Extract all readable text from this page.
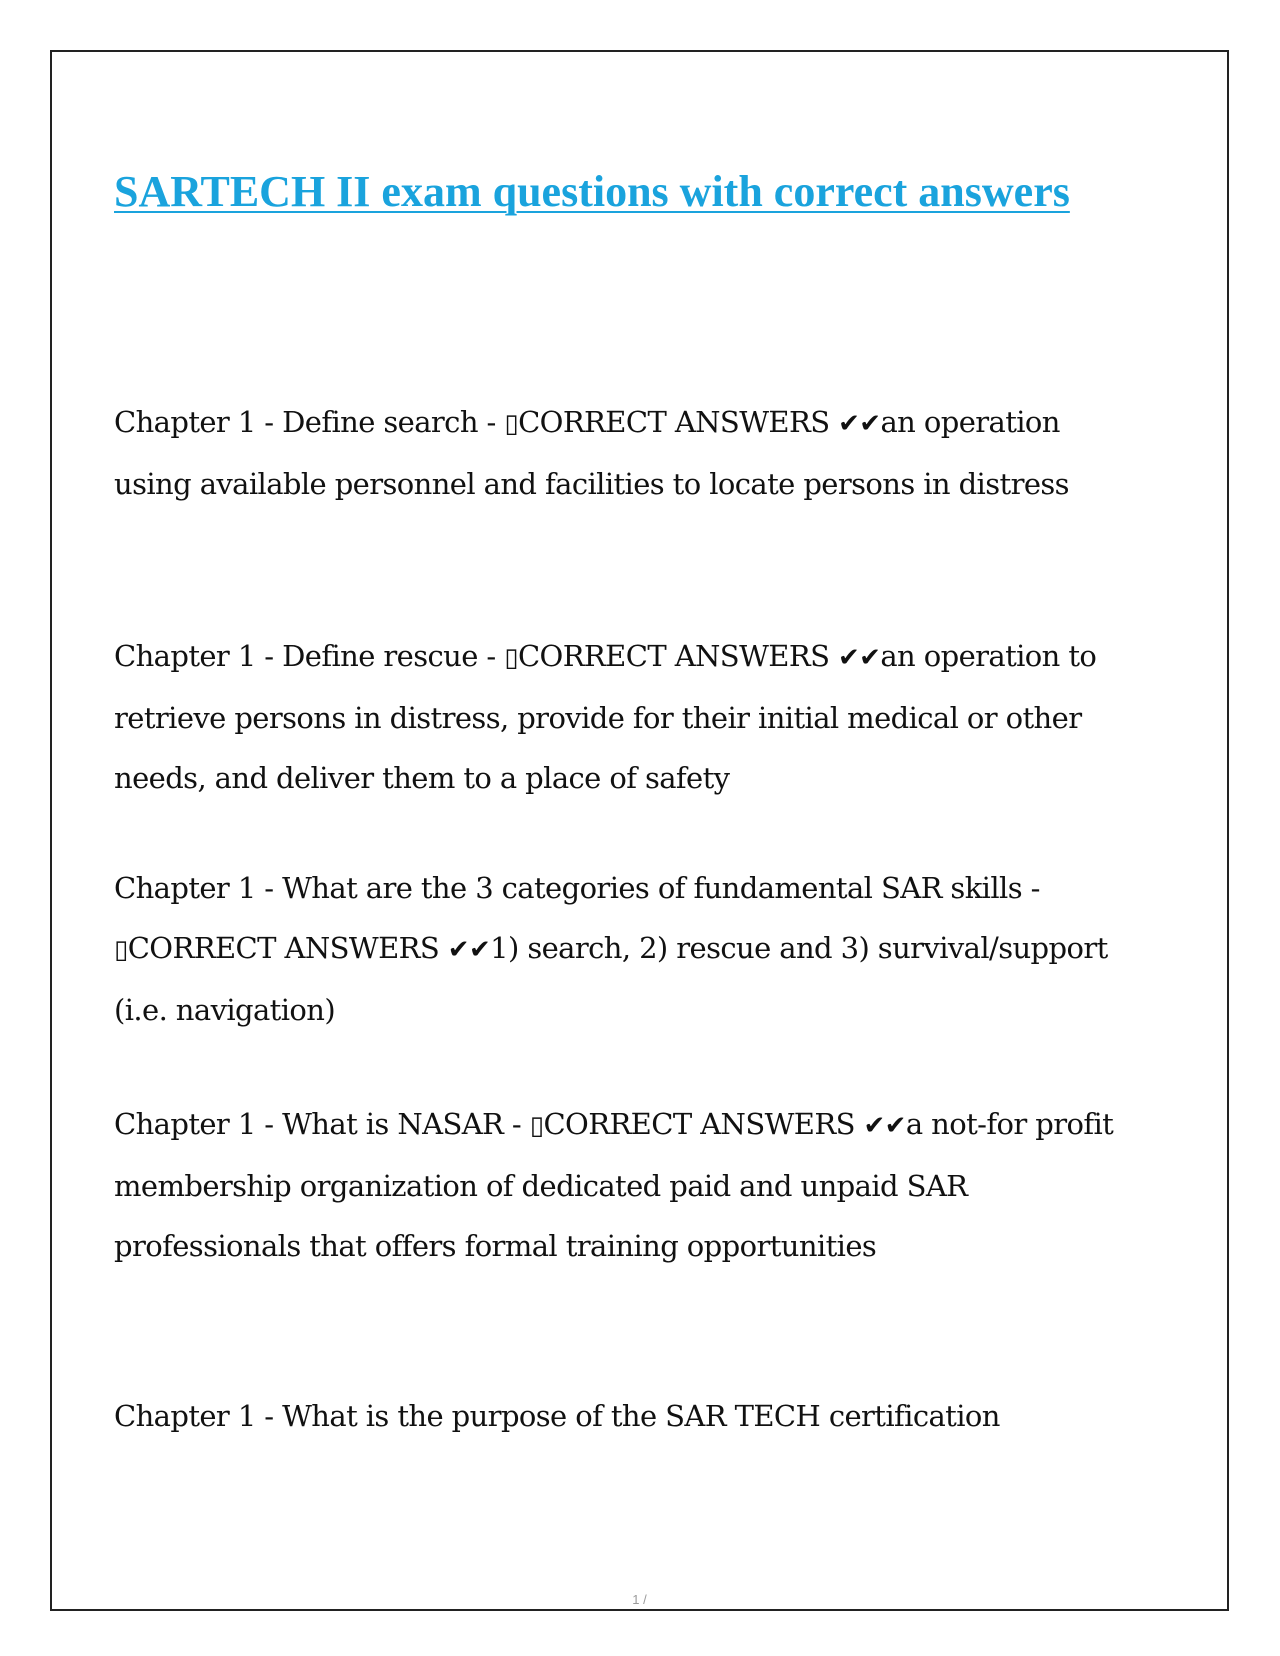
SARTECH II exam questions with correct answers

Chapter 1 - Define search - ▯CORRECT ANSWERS ✔✔an operation using available personnel and facilities to locate persons in distress

Chapter 1 - Define rescue - ▯CORRECT ANSWERS ✔✔an operation to retrieve persons in distress, provide for their initial medical or other needs, and deliver them to a place of safety

Chapter 1 - What are the 3 categories of fundamental SAR skills - ▯CORRECT ANSWERS ✔✔1) search, 2) rescue and 3) survival/support (i.e. navigation)

Chapter 1 - What is NASAR - ▯CORRECT ANSWERS ✔✔a not-for profit membership organization of dedicated paid and unpaid SAR professionals that offers formal training opportunities

Chapter 1 - What is the purpose of the SAR TECH certification

1 /
